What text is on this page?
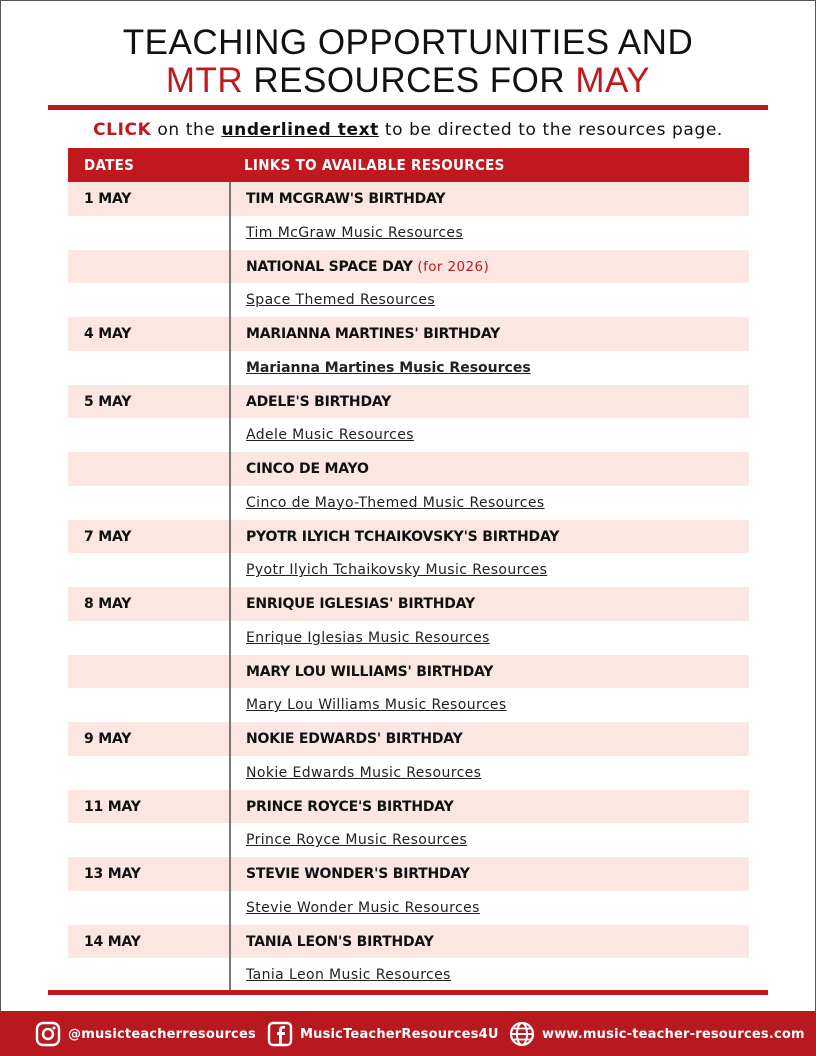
TEACHING OPPORTUNITIES AND
MTR RESOURCES FOR MAY
CLICK on the underlined text to be directed to the resources page.
DATES	LINKS TO AVAILABLE RESOURCES
1 MAY	TIM MCGRAW'S BIRTHDAY
Tim McGraw Music Resources
NATIONAL SPACE DAY (for 2026)
Space Themed Resources
4 MAY	MARIANNA MARTINES' BIRTHDAY
Marianna Martines Music Resources
5 MAY	ADELE'S BIRTHDAY
Adele Music Resources
CINCO DE MAYO
Cinco de Mayo-Themed Music Resources
7 MAY	PYOTR ILYICH TCHAIKOVSKY'S BIRTHDAY
Pyotr Ilyich Tchaikovsky Music Resources
8 MAY	ENRIQUE IGLESIAS' BIRTHDAY
Enrique Iglesias Music Resources
MARY LOU WILLIAMS' BIRTHDAY
Mary Lou Williams Music Resources
9 MAY	NOKIE EDWARDS' BIRTHDAY
Nokie Edwards Music Resources
11 MAY	PRINCE ROYCE'S BIRTHDAY
Prince Royce Music Resources
13 MAY	STEVIE WONDER'S BIRTHDAY
Stevie Wonder Music Resources
14 MAY	TANIA LEON'S BIRTHDAY
Tania Leon Music Resources
@musicteacherresources	MusicTeacherResources4U	www.music-teacher-resources.com
